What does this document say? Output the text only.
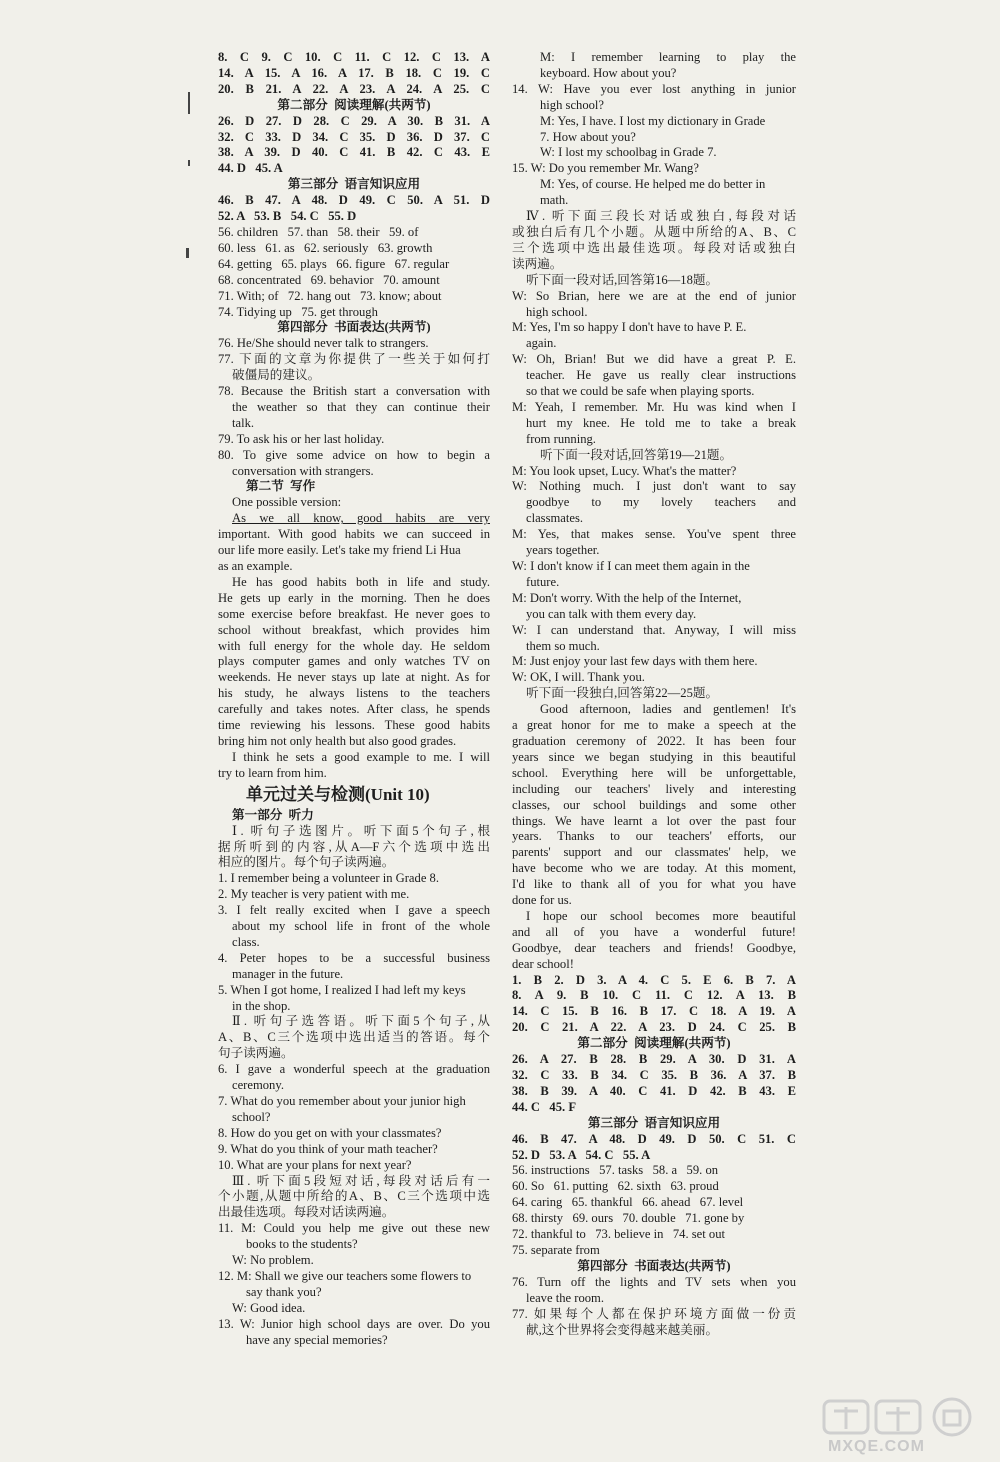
8. C 9. C 10. C 11. C 12. C 13. A
14. A 15. A 16. A 17. B 18. C 19. C
20. B 21. A 22. A 23. A 24. A 25. C
第二部分  阅读理解(共两节)
26. D 27. D 28. C 29. A 30. B 31. A
32. C 33. D 34. C 35. D 36. D 37. C
38. A 39. D 40. C 41. B 42. C 43. E
44. D   45. A
第三部分  语言知识应用
46. B 47. A 48. D 49. C 50. A 51. D
52. A   53. B   54. C   55. D
56. children   57. than   58. their   59. of
60. less   61. as   62. seriously   63. growth
64. getting   65. plays   66. figure   67. regular
68. concentrated   69. behavior   70. amount
71. With; of   72. hang out   73. know; about
74. Tidying up   75. get through
第四部分  书面表达(共两节)
76. He/She should never talk to strangers.
77. 下面的文章为你提供了一些关于如何打
破僵局的建议。
78. Because the British start a conversation with
the weather so that they can continue their
talk.
79. To ask his or her last holiday.
80. To give some advice on how to begin a
conversation with strangers.
第二节  写作
One possible version:
As we all know, good habits are very
important. With good habits we can succeed in
our life more easily. Let's take my friend Li Hua
as an example.
He has good habits both in life and study.
He gets up early in the morning. Then he does
some exercise before breakfast. He never goes to
school without breakfast, which provides him
with full energy for the whole day. He seldom
plays computer games and only watches TV on
weekends. He never stays up late at night. As for
his study, he always listens to the teachers
carefully and takes notes. After class, he spends
time reviewing his lessons. These good habits
bring him not only health but also good grades.
I think he sets a good example to me. I will
try to learn from him.
单元过关与检测(Unit 10)
第一部分  听力
Ⅰ. 听句子选图片。听下面5个句子,根
据所听到的内容,从A—F六个选项中选出
相应的图片。每个句子读两遍。
1. I remember being a volunteer in Grade 8.
2. My teacher is very patient with me.
3. I felt really excited when I gave a speech
about my school life in front of the whole
class.
4. Peter hopes to be a successful business
manager in the future.
5. When I got home, I realized I had left my keys
in the shop.
Ⅱ. 听句子选答语。听下面5个句子,从
A、B、C三个选项中选出适当的答语。每个
句子读两遍。
6. I gave a wonderful speech at the graduation
ceremony.
7. What do you remember about your junior high
school?
8. How do you get on with your classmates?
9. What do you think of your math teacher?
10. What are your plans for next year?
Ⅲ. 听下面5段短对话,每段对话后有一
个小题,从题中所给的A、B、C三个选项中选
出最佳选项。每段对话读两遍。
11. M: Could you help me give out these new
books to the students?
W: No problem.
12. M: Shall we give our teachers some flowers to
say thank you?
W: Good idea.
13. W: Junior high school days are over. Do you
have any special memories?
M: I remember learning to play the
keyboard. How about you?
14. W: Have you ever lost anything in junior
high school?
M: Yes, I have. I lost my dictionary in Grade
7. How about you?
W: I lost my schoolbag in Grade 7.
15. W: Do you remember Mr. Wang?
M: Yes, of course. He helped me do better in
math.
Ⅳ. 听下面三段长对话或独白,每段对话
或独白后有几个小题。从题中所给的A、B、C
三个选项中选出最佳选项。每段对话或独白
读两遍。
听下面一段对话,回答第16—18题。
W: So Brian, here we are at the end of junior
high school.
M: Yes, I'm so happy I don't have to have P. E.
again.
W: Oh, Brian! But we did have a great P. E.
teacher. He gave us really clear instructions
so that we could be safe when playing sports.
M: Yeah, I remember. Mr. Hu was kind when I
hurt my knee. He told me to take a break
from running.
听下面一段对话,回答第19—21题。
M: You look upset, Lucy. What's the matter?
W: Nothing much. I just don't want to say
goodbye to my lovely teachers and
classmates.
M: Yes, that makes sense. You've spent three
years together.
W: I don't know if I can meet them again in the
future.
M: Don't worry. With the help of the Internet,
you can talk with them every day.
W: I can understand that. Anyway, I will miss
them so much.
M: Just enjoy your last few days with them here.
W: OK, I will. Thank you.
听下面一段独白,回答第22—25题。
Good afternoon, ladies and gentlemen! It's
a great honor for me to make a speech at the
graduation ceremony of 2022. It has been four
years since we began studying in this beautiful
school. Everything here will be unforgettable,
including our teachers' lively and interesting
classes, our school buildings and some other
things. We have learnt a lot over the past four
years. Thanks to our teachers' efforts, our
parents' support and our classmates' help, we
have become who we are today. At this moment,
I'd like to thank all of you for what you have
done for us.
I hope our school becomes more beautiful
and all of you have a wonderful future!
Goodbye, dear teachers and friends! Goodbye,
dear school!
1. B 2. D 3. A 4. C 5. E 6. B 7. A
8. A 9. B 10. C 11. C 12. A 13. B
14. C 15. B 16. B 17. C 18. A 19. A
20. C 21. A 22. A 23. D 24. C 25. B
第二部分  阅读理解(共两节)
26. A 27. B 28. B 29. A 30. D 31. A
32. C 33. B 34. C 35. B 36. A 37. B
38. B 39. A 40. C 41. D 42. B 43. E
44. C   45. F
第三部分  语言知识应用
46. B 47. A 48. D 49. D 50. C 51. C
52. D   53. A   54. C   55. A
56. instructions   57. tasks   58. a   59. on
60. So   61. putting   62. sixth   63. proud
64. caring   65. thankful   66. ahead   67. level
68. thirsty   69. ours   70. double   71. gone by
72. thankful to   73. believe in   74. set out
75. separate from
第四部分  书面表达(共两节)
76. Turn off the lights and TV sets when you
leave the room.
77. 如果每个人都在保护环境方面做一份贡
献,这个世界将会变得越来越美丽。
MXQE.COM
